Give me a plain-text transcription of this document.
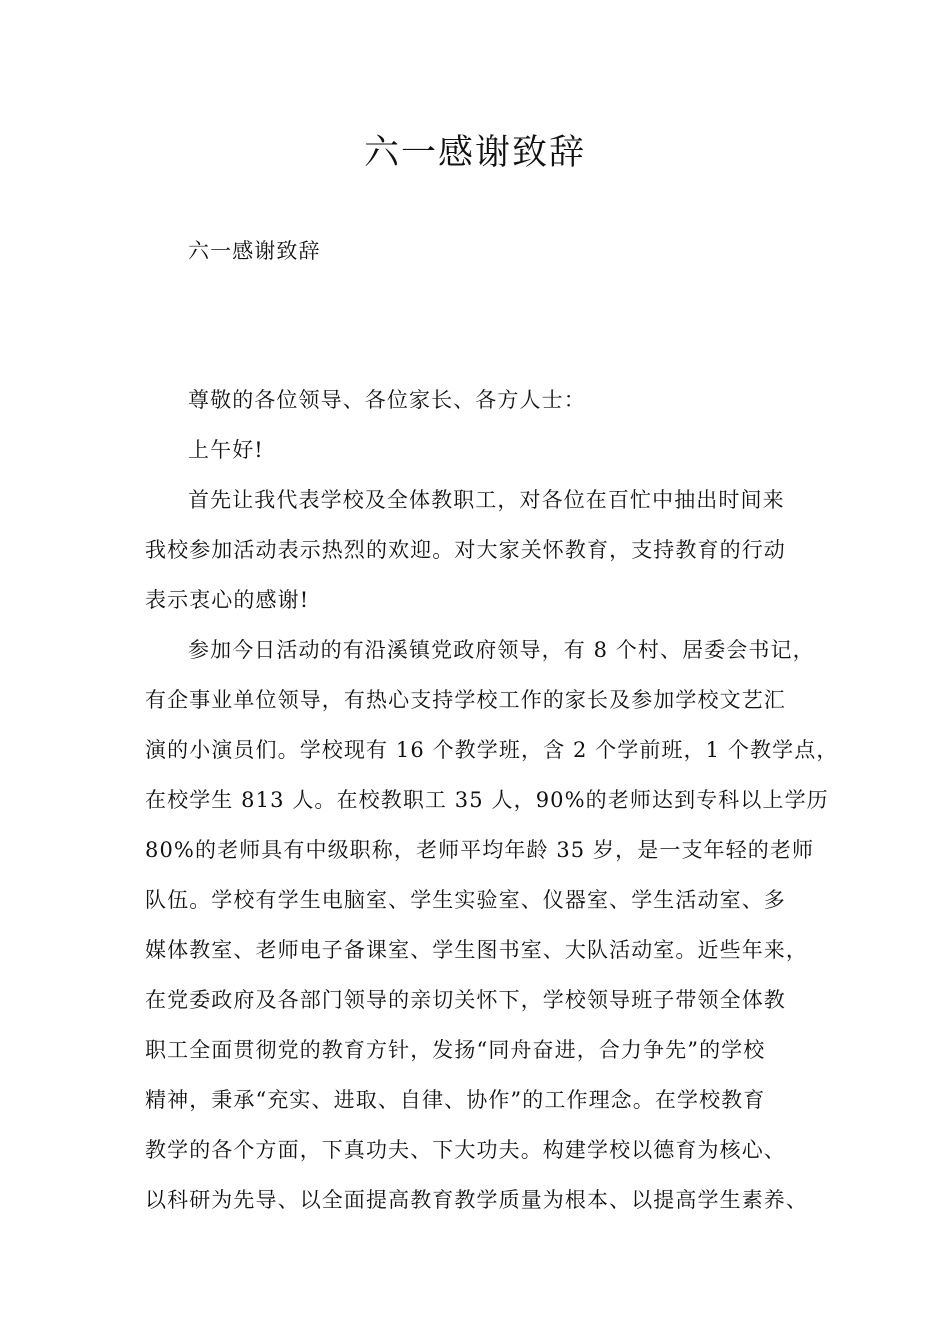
六一感谢致辞

六一感谢致辞

尊敬的各位领导、各位家长、各方人士：

上午好!

首先让我代表学校及全体教职工，对各位在百忙中抽出时间来

我校参加活动表示热烈的欢迎。对大家关怀教育，支持教育的行动

表示衷心的感谢!

参加今日活动的有沿溪镇党政府领导，有 8 个村、居委会书记，

有企事业单位领导，有热心支持学校工作的家长及参加学校文艺汇

演的小演员们。学校现有 16 个教学班，含 2 个学前班，1 个教学点，

在校学生 813 人。在校教职工 35 人，90%的老师达到专科以上学历

80%的老师具有中级职称，老师平均年龄 35 岁，是一支年轻的老师

队伍。学校有学生电脑室、学生实验室、仪器室、学生活动室、多

媒体教室、老师电子备课室、学生图书室、大队活动室。近些年来，

在党委政府及各部门领导的亲切关怀下，学校领导班子带领全体教

职工全面贯彻党的教育方针，发扬“同舟奋进，合力争先”的学校

精神，秉承“充实、进取、自律、协作”的工作理念。在学校教育

教学的各个方面，下真功夫、下大功夫。构建学校以德育为核心、

以科研为先导、以全面提高教育教学质量为根本、以提高学生素养、
